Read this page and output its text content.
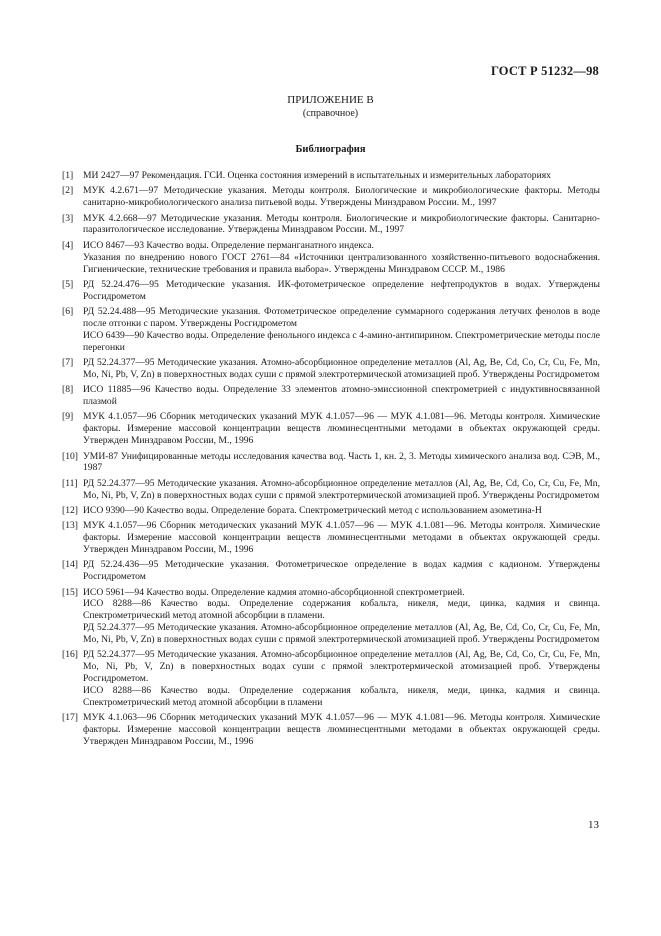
ГОСТ Р 51232—98
ПРИЛОЖЕНИЕ В
(справочное)
Библиография
[1] МИ 2427—97 Рекомендация. ГСИ. Оценка состояния измерений в испытательных и измерительных лабораториях
[2] МУК 4.2.671—97 Методические указания. Методы контроля. Биологические и микробиологические факторы. Методы санитарно-микробиологического анализа питьевой воды. Утверждены Минздравом России. М., 1997
[3] МУК 4.2.668—97 Методические указания. Методы контроля. Биологические и микробиологические факторы. Санитарно-паразитологическое исследование. Утверждены Минздравом России. М., 1997
[4] ИСО 8467—93 Качество воды. Определение перманганатного индекса.
Указания по внедрению нового ГОСТ 2761—84 «Источники централизованного хозяйственно-питьевого водоснабжения. Гигиенические, технические требования и правила выбора». Утверждены Минздравом СССР. М., 1986
[5] РД 52.24.476—95 Методические указания. ИК-фотометрическое определение нефтепродуктов в водах. Утверждены Росгидрометом
[6] РД 52.24.488—95 Методические указания. Фотометрическое определение суммарного содержания летучих фенолов в воде после отгонки с паром. Утверждены Росгидрометом
ИСО 6439—90 Качество воды. Определение фенольного индекса с 4-амино-антипирином. Спектрометрические методы после перегонки
[7] РД 52.24.377—95 Методические указания. Атомно-абсорбционное определение металлов (Al, Ag, Be, Cd, Co, Cr, Cu, Fe, Mn, Mo, Ni, Pb, V, Zn) в поверхностных водах суши с прямой электротермической атомизацией проб. Утверждены Росгидрометом
[8] ИСО 11885—96 Качество воды. Определение 33 элементов атомно-эмиссионной спектрометрией с индуктивносвязанной плазмой
[9] МУК 4.1.057—96 Сборник методических указаний МУК 4.1.057—96 — МУК 4.1.081—96. Методы контроля. Химические факторы. Измерение массовой концентрации веществ люминесцентными методами в объектах окружающей среды. Утвержден Минздравом России, М., 1996
[10] УМИ-87 Унифицированные методы исследования качества вод. Часть 1, кн. 2, 3. Методы химического анализа вод. СЭВ, М., 1987
[11] РД 52.24.377—95 Методические указания. Атомно-абсорбционное определение металлов (Al, Ag, Be, Cd, Co, Cr, Cu, Fe, Mn, Mo, Ni, Pb, V, Zn) в поверхностных водах суши с прямой электротермической атомизацией проб. Утверждены Росгидрометом
[12] ИСО 9390—90 Качество воды. Определение бората. Спектрометрический метод с использованием азометина-Н
[13] МУК 4.1.057—96 Сборник методических указаний МУК 4.1.057—96 — МУК 4.1.081—96. Методы контроля. Химические факторы. Измерение массовой концентрации веществ люминесцентными методами в объектах окружающей среды. Утвержден Минздравом России, М., 1996
[14] РД 52.24.436—95 Методические указания. Фотометрическое определение в водах кадмия с кадионом. Утверждены Росгидрометом
[15] ИСО 5961—94 Качество воды. Определение кадмия атомно-абсорбционной спектрометрией.
ИСО 8288—86 Качество воды. Определение содержания кобальта, никеля, меди, цинка, кадмия и свинца. Спектрометрический метод атомной абсорбции в пламени.
РД 52.24.377—95 Методические указания. Атомно-абсорбционное определение металлов (Al, Ag, Be, Cd, Co, Cr, Cu, Fe, Mn, Mo, Ni, Pb, V, Zn) в поверхностных водах суши с прямой электротермической атомизацией проб. Утверждены Росгидрометом
[16] РД 52.24.377—95 Методические указания. Атомно-абсорбционное определение металлов (Al, Ag, Be, Cd, Co, Cr, Cu, Fe, Mn, Mo, Ni, Pb, V, Zn) в поверхностных водах суши с прямой электротермической атомизацией проб. Утверждены Росгидрометом.
ИСО 8288—86 Качество воды. Определение содержания кобальта, никеля, меди, цинка, кадмия и свинца. Спектрометрический метод атомной абсорбции в пламени
[17] МУК 4.1.063—96 Сборник методических указаний МУК 4.1.057—96 — МУК 4.1.081—96. Методы контроля. Химические факторы. Измерение массовой концентрации веществ люминесцентными методами в объектах окружающей среды. Утвержден Минздравом России, М., 1996
13
